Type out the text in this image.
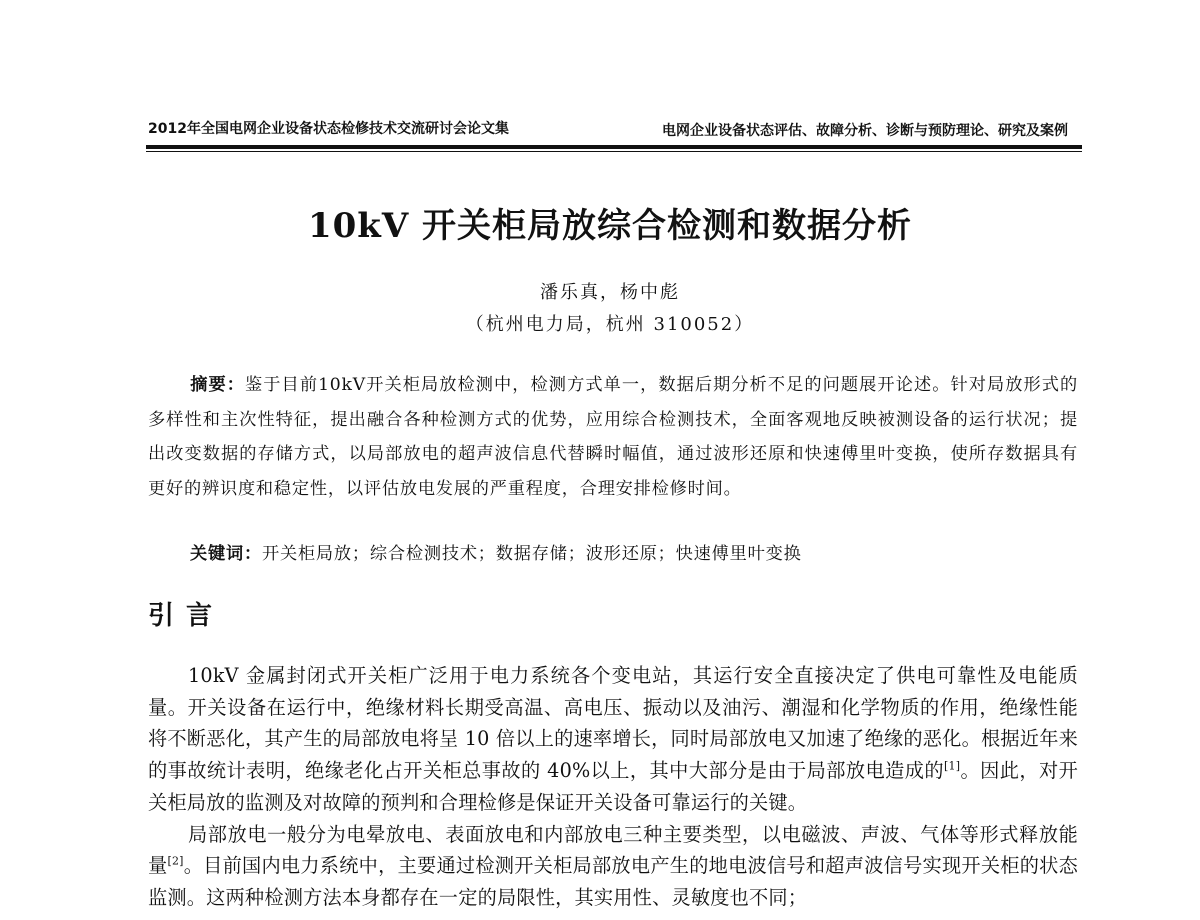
2012年全国电网企业设备状态检修技术交流研讨会论文集	电网企业设备状态评估、故障分析、诊断与预防理论、研究及案例
10kV 开关柜局放综合检测和数据分析
潘乐真，杨中彪
（杭州电力局，杭州 310052）
摘要：鉴于目前10kV开关柜局放检测中，检测方式单一，数据后期分析不足的问题展开论述。针对局放形式的多样性和主次性特征，提出融合各种检测方式的优势，应用综合检测技术，全面客观地反映被测设备的运行状况；提出改变数据的存储方式，以局部放电的超声波信息代替瞬时幅值，通过波形还原和快速傅里叶变换，使所存数据具有更好的辨识度和稳定性，以评估放电发展的严重程度，合理安排检修时间。
关键词：开关柜局放；综合检测技术；数据存储；波形还原；快速傅里叶变换
引言

10kV 金属封闭式开关柜广泛用于电力系统各个变电站，其运行安全直接决定了供电可靠性及电能质量。开关设备在运行中，绝缘材料长期受高温、高电压、振动以及油污、潮湿和化学物质的作用，绝缘性能将不断恶化，其产生的局部放电将呈 10 倍以上的速率增长，同时局部放电又加速了绝缘的恶化。根据近年来的事故统计表明，绝缘老化占开关柜总事故的 40%以上，其中大部分是由于局部放电造成的[1]。因此，对开关柜局放的监测及对故障的预判和合理检修是保证开关设备可靠运行的关键。

局部放电一般分为电晕放电、表面放电和内部放电三种主要类型，以电磁波、声波、气体等形式释放能量[2]。目前国内电力系统中，主要通过检测开关柜局部放电产生的地电波信号和超声波信号实现开关柜的状态监测。这两种检测方法本身都存在一定的局限性，其实用性、灵敏度也不同；
